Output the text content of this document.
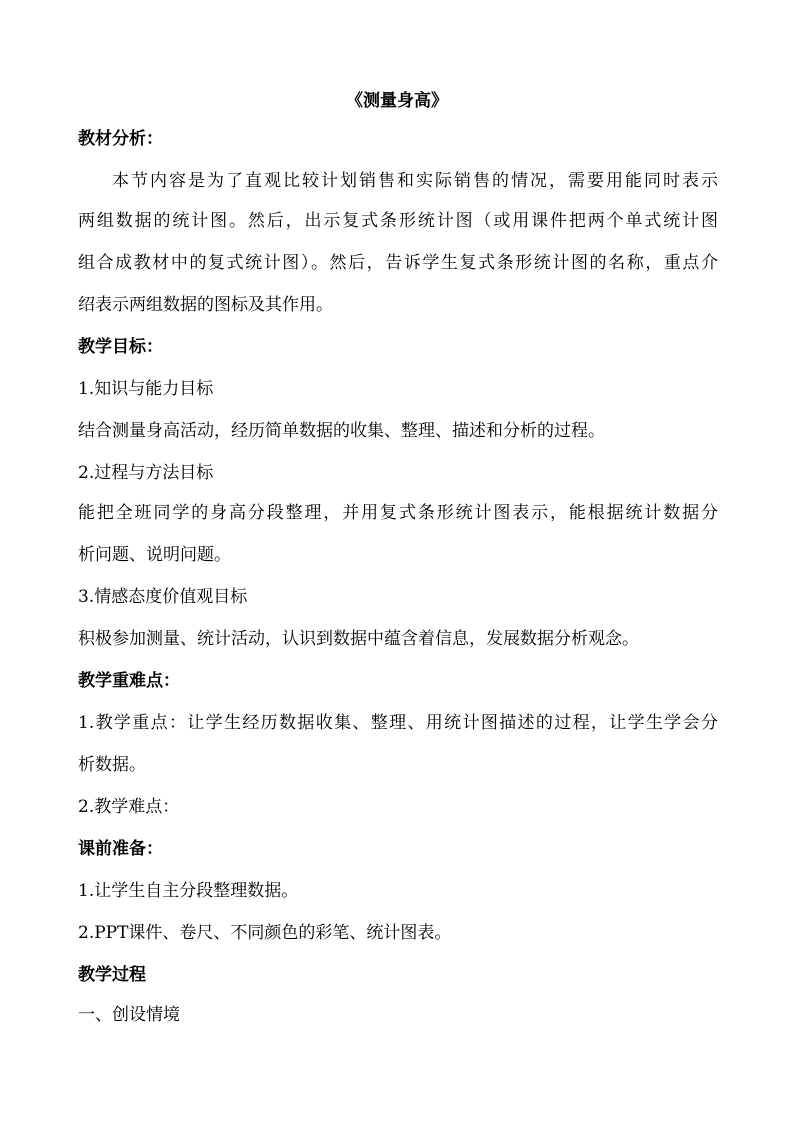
《测量身高》
教材分析：
本节内容是为了直观比较计划销售和实际销售的情况，需要用能同时表示
两组数据的统计图。然后，出示复式条形统计图（或用课件把两个单式统计图
组合成教材中的复式统计图）。然后，告诉学生复式条形统计图的名称，重点介
绍表示两组数据的图标及其作用。
教学目标：
1.知识与能力目标
结合测量身高活动，经历简单数据的收集、整理、描述和分析的过程。
2.过程与方法目标
能把全班同学的身高分段整理，并用复式条形统计图表示，能根据统计数据分
析问题、说明问题。
3.情感态度价值观目标
积极参加测量、统计活动，认识到数据中蕴含着信息，发展数据分析观念。
教学重难点：
1.教学重点：让学生经历数据收集、整理、用统计图描述的过程，让学生学会分
析数据。
2.教学难点：
课前准备：
1.让学生自主分段整理数据。
2.PPT课件、卷尺、不同颜色的彩笔、统计图表。
教学过程
一、创设情境
